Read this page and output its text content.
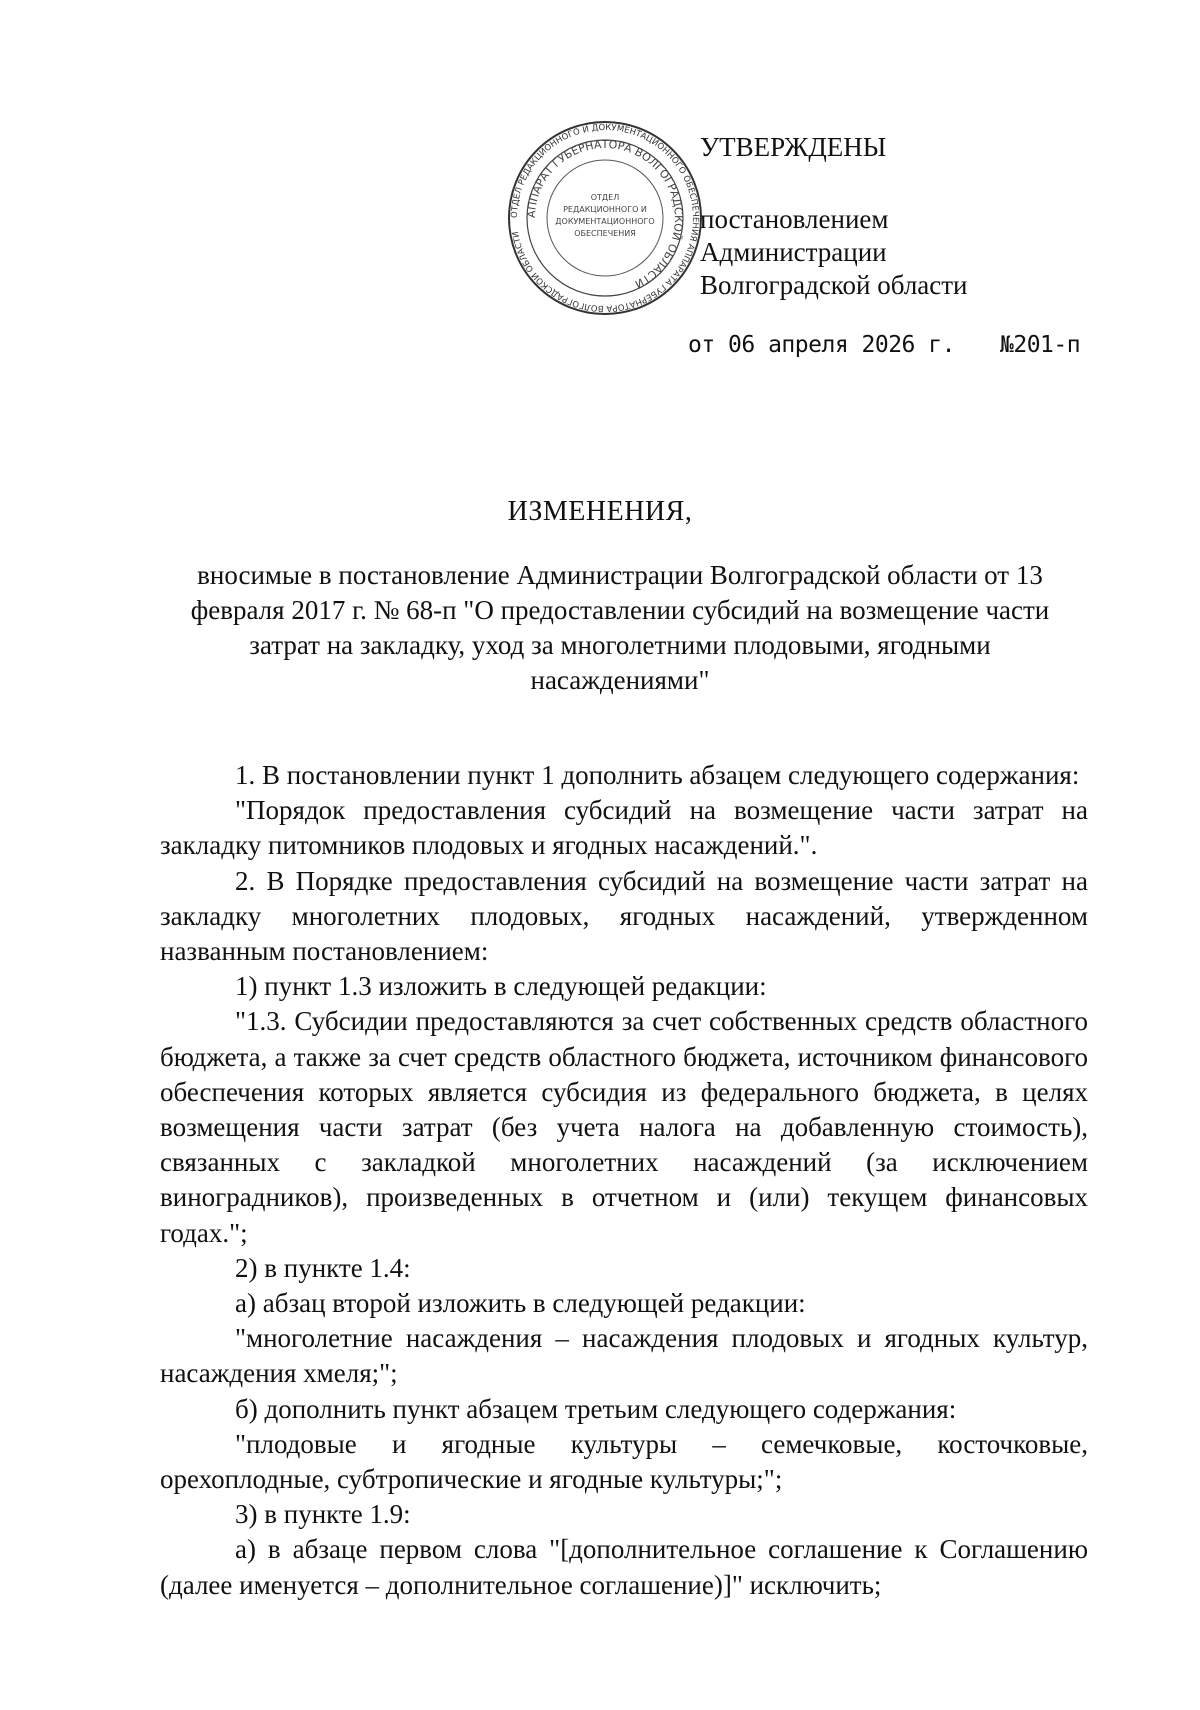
ОТДЕЛ РЕДАКЦИОННОГО И ДОКУМЕНТАЦИОННОГО ОБЕСПЕЧЕНИЯ АППАРАТА ГУБЕРНАТОРА ВОЛГОГРАДСКОЙ ОБЛАСТИ
АППАРАТ ГУБЕРНАТОРА ВОЛГОГРАДСКОЙ ОБЛАСТИ
ОТДЕЛ
РЕДАКЦИОННОГО И
ДОКУМЕНТАЦИОННОГО
ОБЕСПЕЧЕНИЯ
УТВЕРЖДЕНЫ
постановлением
Администрации
Волгоградской области
от 06 апреля 2026 г. №201-п
ИЗМЕНЕНИЯ,
вносимые в постановление Администрации Волгоградской области от 13 февраля 2017 г. № 68-п "О предоставлении субсидий на возмещение части затрат на закладку, уход за многолетними плодовыми, ягодными насаждениями"

1. В постановлении пункт 1 дополнить абзацем следующего содержания:

"Порядок предоставления субсидий на возмещение части затрат на закладку питомников плодовых и ягодных насаждений.".

2. В Порядке предоставления субсидий на возмещение части затрат на закладку многолетних плодовых, ягодных насаждений, утвержденном названным постановлением:

1) пункт 1.3 изложить в следующей редакции:

"1.3. Субсидии предоставляются за счет собственных средств областного бюджета, а также за счет средств областного бюджета, источником финансового обеспечения которых является субсидия из федерального бюджета, в целях возмещения части затрат (без учета налога на добавленную стоимость), связанных с закладкой многолетних насаждений (за исключением виноградников), произведенных в отчетном и (или) текущем финансовых годах.";

2) в пункте 1.4:

а) абзац второй изложить в следующей редакции:

"многолетние насаждения – насаждения плодовых и ягодных культур, насаждения хмеля;";

б) дополнить пункт абзацем третьим следующего содержания:

"плодовые и ягодные культуры – семечковые, косточковые, орехоплодные, субтропические и ягодные культуры;";

3) в пункте 1.9:

а) в абзаце первом слова "[дополнительное соглашение к Соглашению (далее именуется – дополнительное соглашение)]" исключить;
